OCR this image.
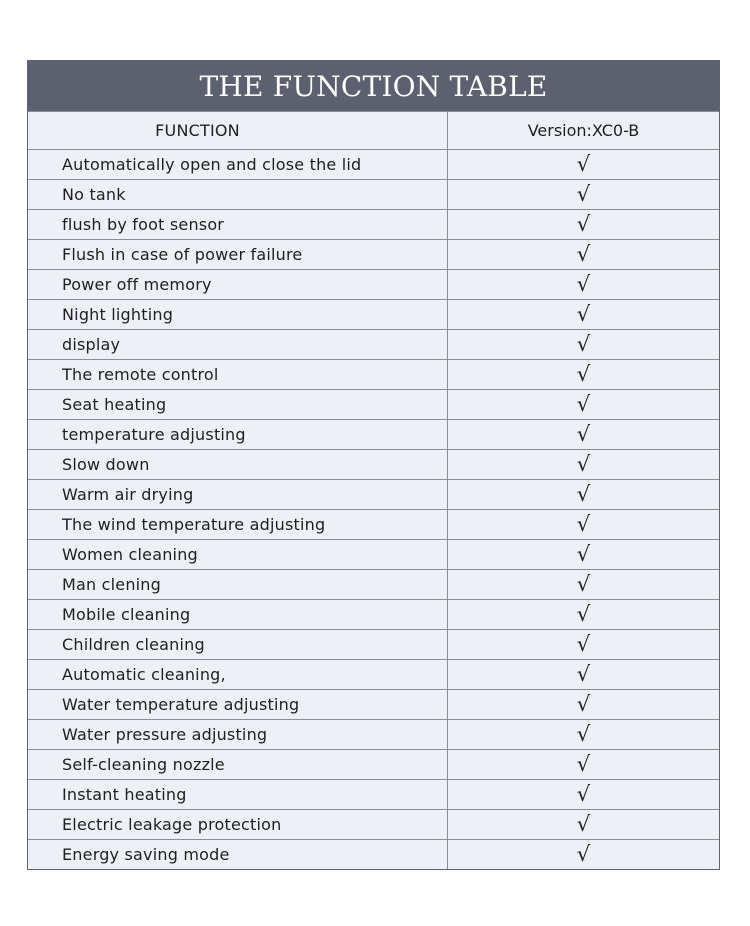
THE FUNCTION TABLE
FUNCTION	Version:XC0-B
Automatically open and close the lid	√
No tank	√
flush by foot sensor	√
Flush in case of power failure	√
Power off memory	√
Night lighting	√
display	√
The remote control	√
Seat heating	√
temperature adjusting	√
Slow down	√
Warm air drying	√
The wind temperature adjusting	√
Women cleaning	√
Man clening	√
Mobile cleaning	√
Children cleaning	√
Automatic cleaning,	√
Water temperature adjusting	√
Water pressure adjusting	√
Self-cleaning nozzle	√
Instant heating	√
Electric leakage protection	√
Energy saving mode	√
